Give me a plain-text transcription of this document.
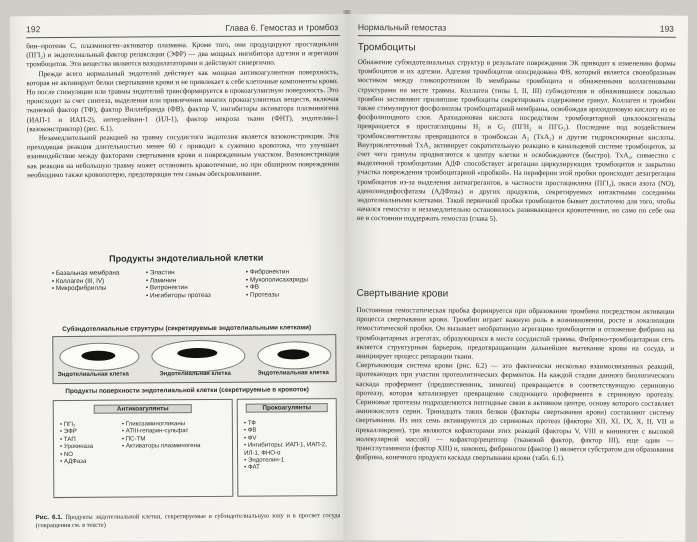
192	Глава 6. Гемостаз и тромбоз

бин–протеин С, плазминоген–активатор плазмина. Кроме того, они продуцируют простациклин (ПГI₂) и эндотелиальный фактор релаксации (ЭФР) — два мощных ингибитора адгезии и агрегации тромбоцитов. Эти вещества являются вазодилататорами и действуют синергично.

Прежде всего нормальный эндотелий действует как мощная антикоагулянтная поверхность, которая не активирует белки свертывания крови и не привлекает к себе клеточные компоненты крови. Но после стимуляции или травмы эндотелий трансформируется в прокоагулянтную поверхность. Это происходит за счет синтеза, выделения или привлечения многих прокоагулянтных веществ, включая тканевой фактор (ТФ), фактор Виллебранда (ФВ), фактор V, ингибиторы активатора плазминогена (ИАП-1 и ИАП-2), интерлейкин-1 (ИЛ-1), фактор некроза ткани (ФНТ), эндотелин-1 (вазоконстриктор) (рис. 6.1).

Незамедлительной реакцией на травму сосудистого эндотелия является вазоконстрикция. Эта преходящая реакция длительностью менее 60 с приводит к сужению кровотока, что улучшает взаимодействие между факторами свертывания крови и поврежденным участком. Вазоконстрикция как реакция на небольшую травму может остановить кровотечение, но при обширном повреждении необходимо также кровопотерю, предотвращая тем самым обескровливание.

Продукты эндотелиальной клетки
• Базальная мембрана
• Коллаген (III, IV)
• Микрофибриллы
• Эластин
• Ламинин
• Витронектин
• Ингибиторы протеаз
• Фибронектин
• Мукополисахариды
• ФВ
• Протеазы
Субэндотелиальные структуры (секретируемые эндотелиальными клетками)
Эндотелиальная клетка	Эндотелиальная клетка	Эндотелиальная клетка
Продукты поверхности эндотелиальной клетки (секретируемые в кровоток)
Антикоагулянты
• ПГI₂
• ЭФР
• ТАП
• Урокиназа
• NO
• АДФаза
• Гликозаминогликаны
• АТIII-гепарин-сульфат
• ПС-ТМ
• Активаторы плазминогена
Прокоагулянты
• ТФ
• ФВ
• ФV
• Ингибиторы: ИАП-1, ИАП-2, ИЛ-1, ФНО-α
• Эндотелин-1
• ФАТ
Рис. 6.1. Продукты эндотелиальной клетки, секретируемые в субэндотелиальную зону и в просвет сосуда (сокращения см. в тексте)
Нормальный гемостаз	193
Тромбоциты

Обнажение субэндотелиальных структур в результате повреждения ЭК приводит к изменению формы тромбоцитов и их адгезии. Адгезия тромбоцитов опосредована ФВ, который является своеобразным мостиком между гликопротеином Ib мембраны тромбоцита и обнаженными коллагеновыми структурами на месте травмы. Коллаген (типы I, II, III) субэндотелия и обнажившиеся локально тромбин заставляют прилипшие тромбоциты секретировать содержимое гранул. Коллаген и тромбин также стимулируют фосфолипазы тромбоцитарной мембраны, освобождая арахидоновую кислоту из ее фосфолипидного слоя. Арахидоновая кислота посредством тромбоцитарной циклооксигеназы превращается в простагландины H₂ и G₂ (ПГН₂ и ПГG₂). Последние под воздействием тромбоксанетинтазы превращаются в тромбоксан A₂ (TxA₂) и другие гидроксижирные кислоты. Внутриклеточный TxA₂ активирует сократительную реакцию в канальцевой системе тромбоцитов, за счет чего гранулы продвигаются к центру клетки и освобождаются (быстро). TxA₂, совместно с выделенной тромбоцитами АДФ способствует агрегации циркулирующих тромбоцитов и закрытию участка повреждения тромбоцитарной «пробкой». На периферии этой пробки происходит дезагрегация тромбоцитов из-за выделения антиагрегантов, в частности простациклина (ПГI₂), окиси азота (NO), аденозиндифосфатазы (АДФазы) и других продуктов, секретируемых интактными соседними эндотелиальными клетками. Такой первичной пробки тромбоцитов бывает достаточно для того, чтобы начался гемостаз и незамедлительно остановилось развивающееся кровотечение, но само по себе она не в состоянии поддержать гемостаз (глава 5).

Свертывание крови

Постоянная гемостатическая пробка формируется при образовании тромбина посредством активации процесса свертывания крови. Тромбин играет важную роль в возникновении, росте и локализации гемостатической пробки. Он вызывает необратимую агрегацию тромбоцитов и отложение фибрина на тромбоцитарных агрегатах, образующихся в месте сосудистой травмы. Фибрино-тромбоцитарная сеть является структурным барьером, предотвращающим дальнейшее вытекание крови на сосуда, и инициирует процесс репарации ткани.

Свертывающая система крови (рис. 6.2) — это фактически несколько взаимосвязанных реакций, протекающих при участии протеолитических ферментов. На каждой стадии данного биологического каскада профермент (предшественник, зимоген) превращается в соответствующую сериновую протеазу, которая катализирует превращение следующего профермента в сериновую протеазу. Сериновые протеазы подразделяются пептидные связи в активном центре, основу которого составляет аминокислота серин. Тринадцать таких белков (факторы свертывания крови) составляют систему свертывания. Из них семь активируются до сериновых протеаз (факторы XII, XI, IX, X, II, VII и прекалликреин), три являются кофакторами этих реакций (факторы V, VIII и кининоген с высокой молекулярной массой) — кофактор/рецептор (тканевой фактор, фактор III), еще один — трансглутаминаза (фактор XIII) и, наконец, фибриноген (фактор I) является субстратом для образования фибрина, конечного продукта каскада свертывания крови (табл. 6.1).
